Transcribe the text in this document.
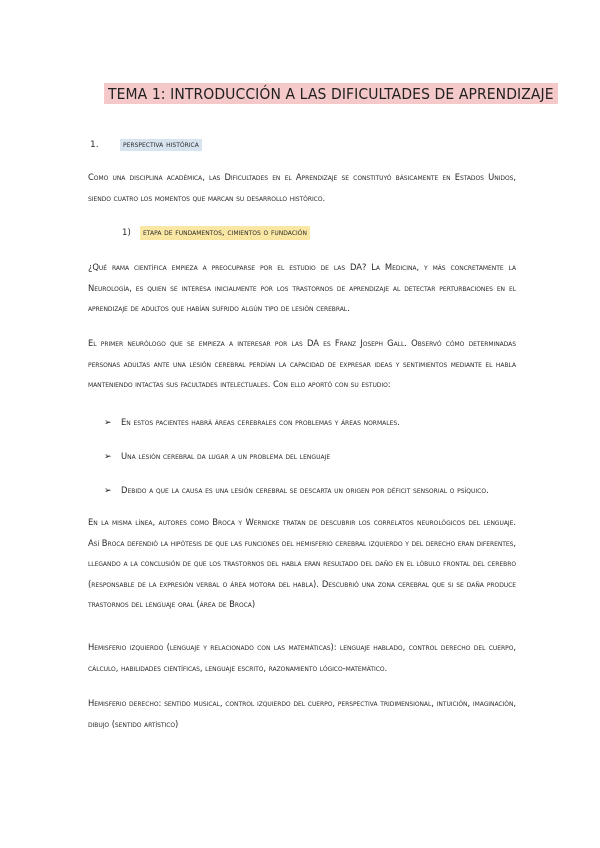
TEMA 1: INTRODUCCIÓN A LAS DIFICULTADES DE APRENDIZAJE
1.	perspectiva histórica
Como una disciplina académica, las Dificultades en el Aprendizaje se constituyó básicamente en Estados Unidos, siendo cuatro los momentos que marcan su desarrollo histórico.
1) etapa de fundamentos, cimientos o fundación
¿Qué rama científica empieza a preocuparse por el estudio de las DA? La Medicina, y más concretamente la Neurología, es quien se interesa inicialmente por los trastornos de aprendizaje al detectar perturbaciones en el aprendizaje de adultos que habían sufrido algún tipo de lesión cerebral.
El primer neurólogo que se empieza a interesar por las DA es Franz Joseph Gall. Observó cómo determinadas personas adultas ante una lesión cerebral perdían la capacidad de expresar ideas y sentimientos mediante el habla manteniendo intactas sus facultades intelectuales. Con ello aportó con su estudio:
➢ En estos pacientes habrá áreas cerebrales con problemas y áreas normales.
➢ Una lesión cerebral da lugar a un problema del lenguaje
➢ Debido a que la causa es una lesión cerebral se descarta un origen por déficit sensorial o psíquico.
En la misma línea, autores como Broca y Wernicke tratan de descubrir los correlatos neurológicos del lenguaje. Así Broca defendió la hipótesis de que las funciones del hemisferio cerebral izquierdo y del derecho eran diferentes, llegando a la conclusión de que los trastornos del habla eran resultado del daño en el lóbulo frontal del cerebro (responsable de la expresión verbal o área motora del habla). Descubrió una zona cerebral que si se daña produce trastornos del lenguaje oral (área de Broca)
Hemisferio izquierdo (lenguaje y relacionado con las matemáticas): lenguaje hablado, control derecho del cuerpo, cálculo, habilidades científicas, lenguaje escrito, razonamiento lógico-matemático.
Hemisferio derecho: sentido musical, control izquierdo del cuerpo, perspectiva tridimensional, intuición, imaginación, dibujo (sentido artístico)
